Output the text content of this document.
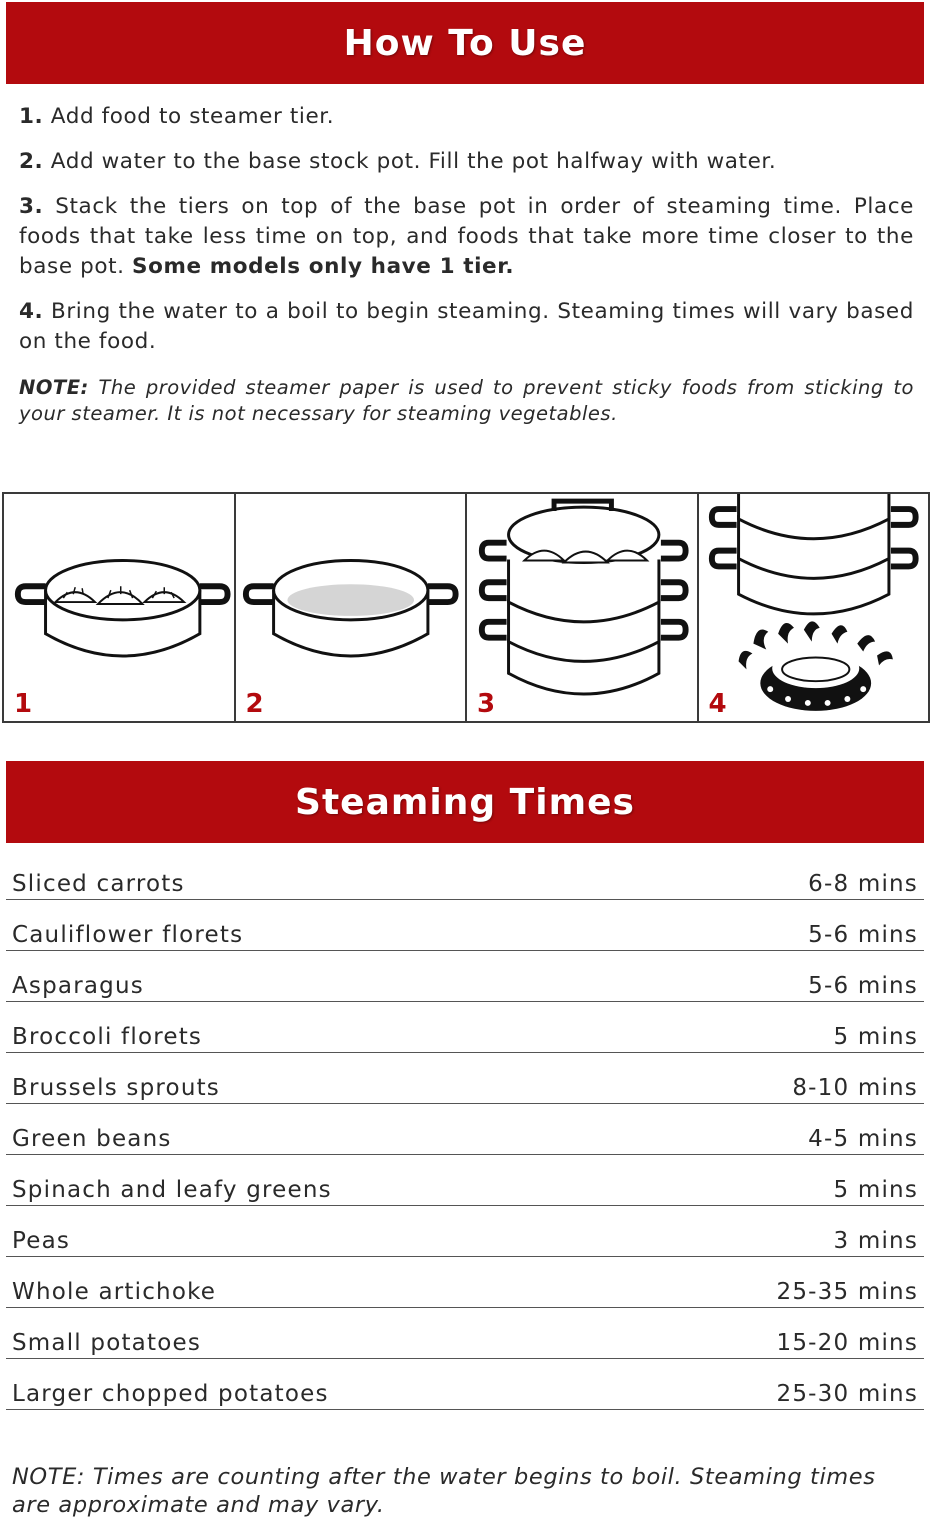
How To Use

1. Add food to steamer tier.

2. Add water to the base stock pot. Fill the pot halfway with water.

3. Stack the tiers on top of the base pot in order of steaming time. Place foods that take less time on top, and foods that take more time closer to the base pot. Some models only have 1 tier.

4. Bring the water to a boil to begin steaming. Steaming times will vary based on the food.

NOTE: The provided steamer paper is used to prevent sticky foods from sticking to your steamer. It is not necessary for steaming vegetables.

1	2	3	4
Steaming Times
Sliced carrots	6-8 mins
Cauliflower florets	5-6 mins
Asparagus	5-6 mins
Broccoli florets	5 mins
Brussels sprouts	8-10 mins
Green beans	4-5 mins
Spinach and leafy greens	5 mins
Peas	3 mins
Whole artichoke	25-35 mins
Small potatoes	15-20 mins
Larger chopped potatoes	25-30 mins

NOTE: Times are counting after the water begins to boil. Steaming times are approximate and may vary.
